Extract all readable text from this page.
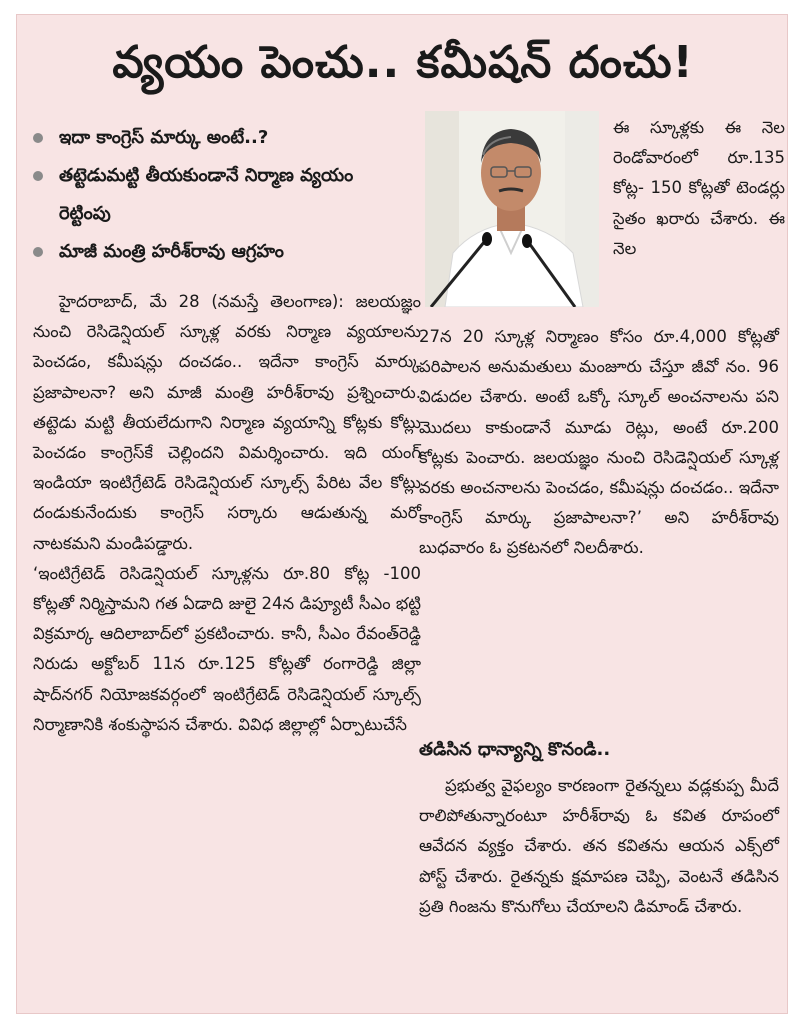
వ్యయం పెంచు.. కమీషన్ దంచు!
ఇదా కాంగ్రెస్ మార్కు అంటే..?
తట్టెడుమట్టి తీయకుండానే నిర్మాణ వ్యయం రెట్టింపు
మాజీ మంత్రి హరీశ్‌రావు ఆగ్రహం

ఈ స్కూళ్లకు ఈ నెల రెండోవారంలో రూ.135 కోట్ల- 150 కోట్లతో టెండర్లు సైతం ఖరారు చేశారు. ఈ నెల

హైదరాబాద్, మే 28 (నమస్తే తెలంగాణ): జలయజ్ఞం నుంచి రెసిడెన్షియల్ స్కూళ్ల వరకు నిర్మాణ వ్యయాలను పెంచడం, కమీషన్లు దంచడం.. ఇదేనా కాంగ్రెస్ మార్కు ప్రజాపాలనా? అని మాజీ మంత్రి హరీశ్‌రావు ప్రశ్నించారు. తట్టెడు మట్టి తీయలేదుగాని నిర్మాణ వ్యయాన్ని కోట్లకు కోట్లు పెంచడం కాంగ్రెస్‌కే చెల్లిందని విమర్శించారు. ఇది యంగ్ ఇండియా ఇంటిగ్రేటెడ్ రెసిడెన్షియల్ స్కూల్స్ పేరిట వేల కోట్లు దండుకునేందుకు కాంగ్రెస్ సర్కారు ఆడుతున్న మరో నాటకమని మండిపడ్డారు.

‘ఇంటిగ్రేటెడ్ రెసిడెన్షియల్ స్కూళ్లను రూ.80 కోట్ల -100 కోట్లతో నిర్మిస్తామని గత ఏడాది జులై 24న డిప్యూటీ సీఎం భట్టి విక్రమార్క ఆదిలాబాద్‌లో ప్రకటించారు. కానీ, సీఎం రేవంత్‌రెడ్డి నిరుడు అక్టోబర్ 11న రూ.125 కోట్లతో రంగారెడ్డి జిల్లా షాద్‌నగర్ నియోజకవర్గంలో ఇంటిగ్రేటెడ్ రెసిడెన్షియల్ స్కూల్స్ నిర్మాణానికి శంకుస్థాపన చేశారు. వివిధ జిల్లాల్లో ఏర్పాటుచేసే

27న 20 స్కూళ్ల నిర్మాణం కోసం రూ.4,000 కోట్లతో పరిపాలన అనుమతులు మంజూరు చేస్తూ జీవో నం. 96 విడుదల చేశారు. అంటే ఒక్కో స్కూల్ అంచనాలను పని మొదలు కాకుండానే మూడు రెట్లు, అంటే రూ.200 కోట్లకు పెంచారు. జలయజ్ఞం నుంచి రెసిడెన్షియల్ స్కూళ్ల వరకు అంచనాలను పెంచడం, కమీషన్లు దంచడం.. ఇదేనా కాంగ్రెస్ మార్కు ప్రజాపాలనా?’ అని హరీశ్‌రావు బుధవారం ఓ ప్రకటనలో నిలదీశారు.

తడిసిన ధాన్యాన్ని కొనండి..

ప్రభుత్వ వైఫల్యం కారణంగా రైతన్నలు వడ్లకుప్ప మీదే రాలిపోతున్నారంటూ హరీశ్‌రావు ఓ కవిత రూపంలో ఆవేదన వ్యక్తం చేశారు. తన కవితను ఆయన ఎక్స్‌లో పోస్ట్ చేశారు. రైతన్నకు క్షమాపణ చెప్పి, వెంటనే తడిసిన ప్రతి గింజను కొనుగోలు చేయాలని డిమాండ్ చేశారు.
